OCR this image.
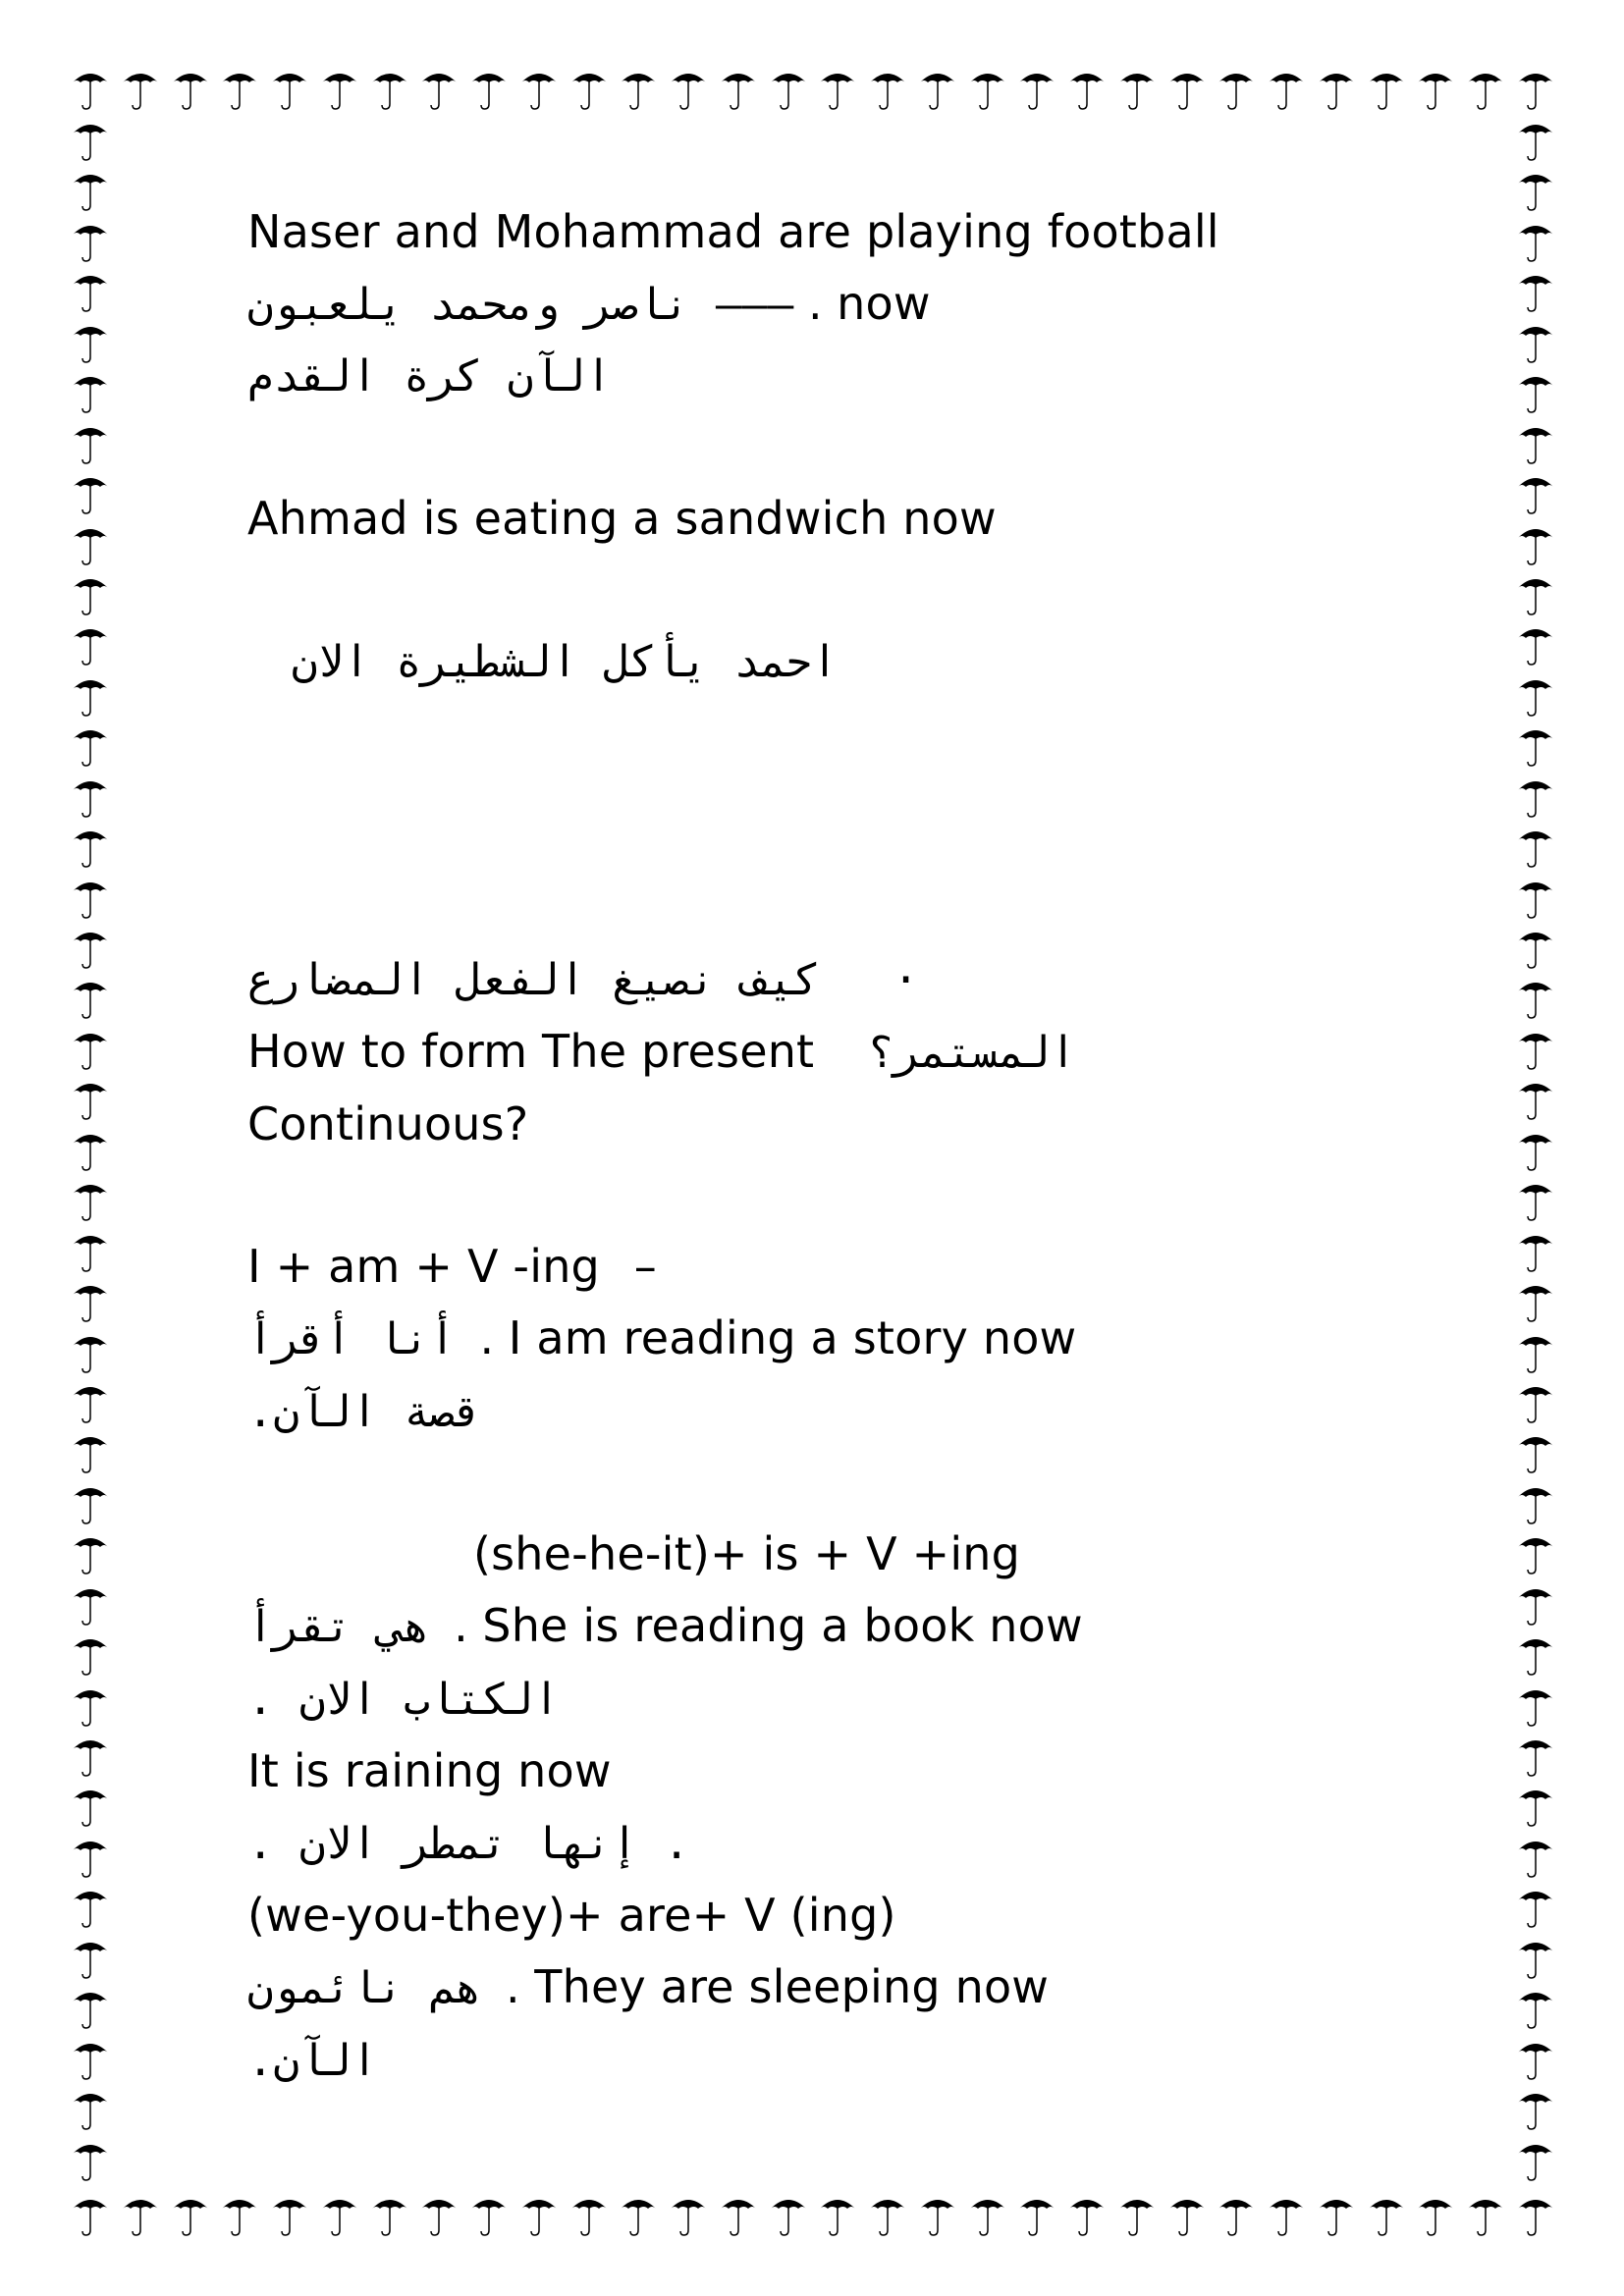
Naser and Mohammad are playing football
ناصر ومحمد يلعبون ——– . now
الآن كرة القدم
Ahmad is eating a sandwich now
احمد يأكل الشطيرة الان
كيف نصيغ الفعل المضارع ·
How to form The present المستمر؟
Continuous?
I + am + V -ing –
أنا أقرأ . I am reading a story now
قصة الآن.
(she-he-it)+ is + V +ing
هي تقرأ . She is reading a book now
الكتاب الان .
It is raining now
. إنها تمطر الان .
(we-you-they)+ are+ V (ing)
هم نائمون . They are sleeping now
الآن.
